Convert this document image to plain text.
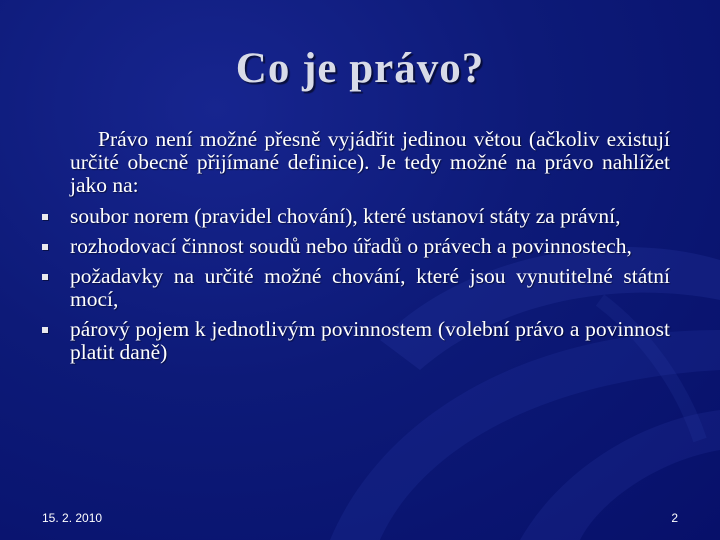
Co je právo?
Právo není možné přesně vyjádřit jedinou větou (ačkoliv existují určité obecně přijímané definice). Je tedy možné na právo nahlížet jako na:
soubor norem (pravidel chování), které ustanoví státy za právní,
rozhodovací činnost soudů nebo úřadů o právech a povinnostech,
požadavky na určité možné chování, které jsou vynutitelné státní mocí,
párový pojem k jednotlivým povinnostem (volební právo a povinnost platit daně)
15. 2. 2010	2
